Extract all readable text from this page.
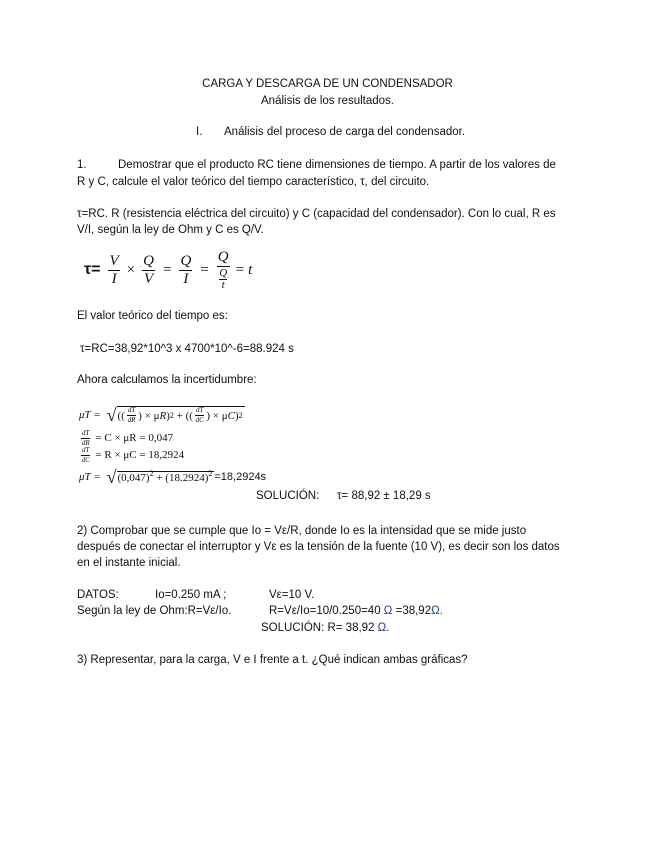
CARGA Y DESCARGA DE UN CONDENSADOR
Análisis de los resultados.
I. Análisis del proceso de carga del condensador.
1.	Demostrar que el producto RC tiene dimensiones de tiempo. A partir de los valores de
R y C, calcule el valor teórico del tiempo característico, τ, del circuito.
τ=RC. R (resistencia eléctrica del circuito) y C (capacidad del condensador). Con lo cual, R es
V/I, según la ley de Ohm y C es Q/V.
$\tau= \frac{V}{I} \times \frac{Q}{V} = \frac{Q}{I} = Q$
Q
t = t
El valor teórico del tiempo es:
τ=RC=38,92*10^3 x 4700*10^-6=88.924 s
Ahora calculamos la incertidumbre:
μT = √ (( $\frac{dT}{dR}$ ) × μ R ) 2 + (( $\frac{dT}{dC}$ ) × μ C ) 2
$\frac{dT}{dR} = C \times \mu R = 0,047$
$\frac{dT}{dC} = R \times \mu C = 18,2924$
μT = √ $(0,047)^2 + (18.2924)^2 =18,2924s$
SOLUCIÓN: τ= 88,92 ± 18,29 s
2) Comprobar que se cumple que Io = Vε/R, donde Io es la intensidad que se mide justo
después de conectar el interruptor y Vε es la tensión de la fuente (10 V), es decir son los datos
en el instante inicial.
DATOS:	Io=0.250 mA ;	Vε=10 V.
Según la ley de Ohm:R=Vε/Io.	R=Vε/Io=10/0.250=40 Ω =38,92Ω.
SOLUCIÓN: R= 38,92 Ω.
3) Representar, para la carga, V e I frente a t. ¿Qué indican ambas gráficas?
